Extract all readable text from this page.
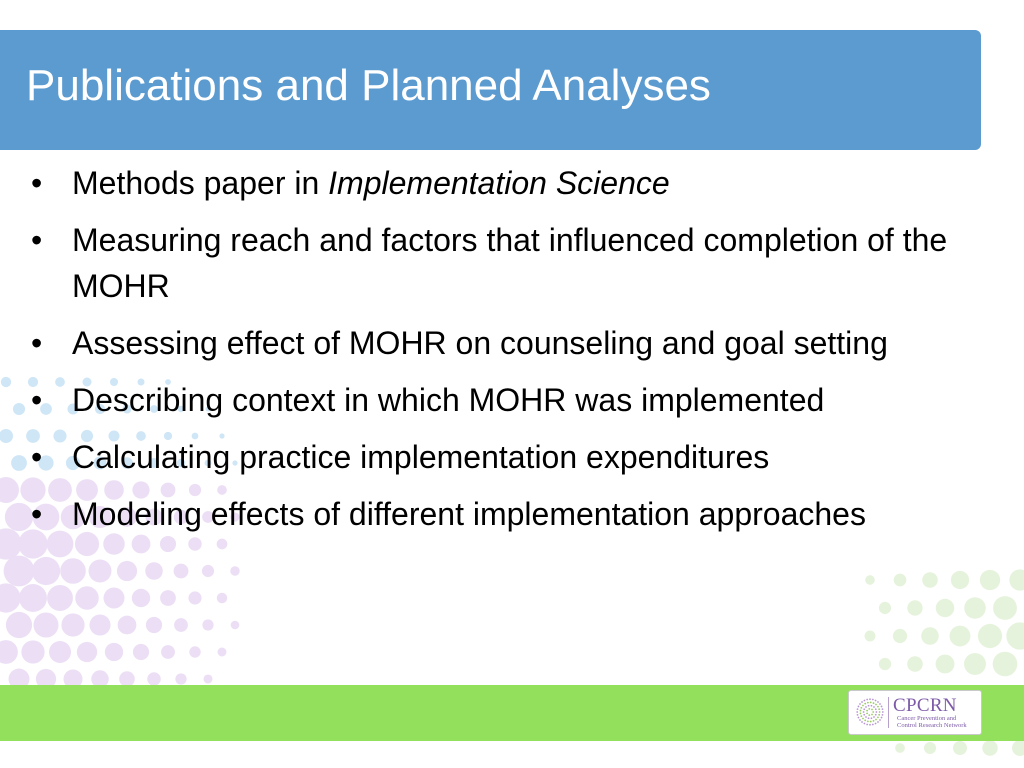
Publications and Planned Analyses
• Methods paper in Implementation Science
• Measuring reach and factors that influenced completion of the MOHR
• Assessing effect of MOHR on counseling and goal setting
• Describing context in which MOHR was implemented
• Calculating practice implementation expenditures
• Modeling effects of different implementation approaches
CPCRN
Cancer Prevention and
Control Research Network
